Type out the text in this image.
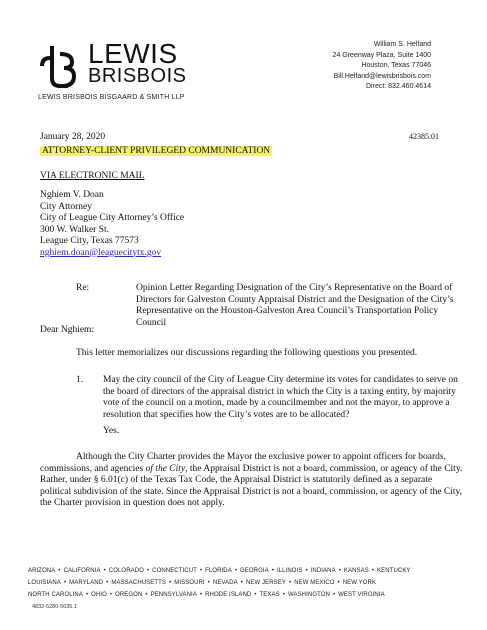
LEWIS
BRISBOIS
LEWIS BRISBOIS BISGAARD & SMITH LLP
William S. Helfand
24 Greenway Plaza, Suite 1400
Houston, Texas 77046
Bill.Helfand@lewisbrisbois.com
Direct: 832.460.4614
January 28, 2020	42385.01
ATTORNEY-CLIENT PRIVILEGED COMMUNICATION
VIA ELECTRONIC MAIL
Nghiem V. Doan
City Attorney
City of League City Attorney’s Office
300 W. Walker St.
League City, Texas 77573
nghiem.doan@leaguecitytx.gov
Re:	Opinion Letter Regarding Designation of the City’s Representative on the Board of Directors for Galveston County Appraisal District and the Designation of the City’s Representative on the Houston-Galveston Area Council’s Transportation Policy Council
Dear Nghiem:
This letter memorializes our discussions regarding the following questions you presented.
1. May the city council of the City of League City determine its votes for candidates to serve on the board of directors of the appraisal district in which the City is a taxing entity, by majority vote of the council on a motion, made by a councilmember and not the mayor, to approve a resolution that specifies how the City’s votes are to be allocated?
Yes.
Although the City Charter provides the Mayor the exclusive power to appoint officers for boards, commissions, and agencies of the City, the Appraisal District is not a board, commission, or agency of the City. Rather, under § 6.01(c) of the Texas Tax Code, the Appraisal District is statutorily defined as a separate political subdivision of the state. Since the Appraisal District is not a board, commission, or agency of the City, the Charter provision in question does not apply.
ARIZONA • CALIFORNIA • COLORADO • CONNECTICUT • FLORIDA • GEORGIA • ILLINOIS • INDIANA • KANSAS • KENTUCKY
LOUISIANA • MARYLAND • MASSACHUSETTS • MISSOURI • NEVADA • NEW JERSEY • NEW MEXICO • NEW YORK
NORTH CAROLINA • OHIO • OREGON • PENNSYLVANIA • RHODE ISLAND • TEXAS • WASHINGTON • WEST VIRGINIA
4832-5280-5035.1
